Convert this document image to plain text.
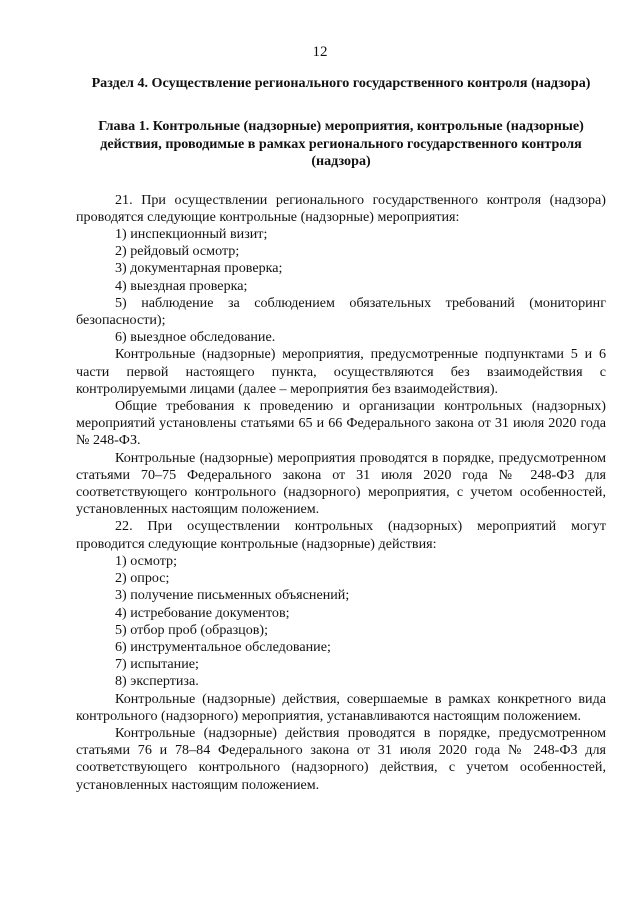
12
Раздел 4. Осуществление регионального государственного контроля (надзора)
Глава 1. Контрольные (надзорные) мероприятия, контрольные (надзорные) действия, проводимые в рамках регионального государственного контроля (надзора)

21. При осуществлении регионального государственного контроля (надзора) проводятся следующие контрольные (надзорные) мероприятия:

1) инспекционный визит;

2) рейдовый осмотр;

3) документарная проверка;

4) выездная проверка;

5) наблюдение за соблюдением обязательных требований (мониторинг безопасности);

6) выездное обследование.

Контрольные (надзорные) мероприятия, предусмотренные подпунктами 5 и 6 части первой настоящего пункта, осуществляются без взаимодействия с контролируемыми лицами (далее – мероприятия без взаимодействия).

Общие требования к проведению и организации контрольных (надзорных) мероприятий установлены статьями 65 и 66 Федерального закона от 31 июля 2020 года № 248-ФЗ.

Контрольные (надзорные) мероприятия проводятся в порядке, предусмотренном статьями 70–75 Федерального закона от 31 июля 2020 года № 248-ФЗ для соответствующего контрольного (надзорного) мероприятия, с учетом особенностей, установленных настоящим положением.

22. При осуществлении контрольных (надзорных) мероприятий могут проводится следующие контрольные (надзорные) действия:

1) осмотр;

2) опрос;

3) получение письменных объяснений;

4) истребование документов;

5) отбор проб (образцов);

6) инструментальное обследование;

7) испытание;

8) экспертиза.

Контрольные (надзорные) действия, совершаемые в рамках конкретного вида контрольного (надзорного) мероприятия, устанавливаются настоящим положением.

Контрольные (надзорные) действия проводятся в порядке, предусмотренном статьями 76 и 78–84 Федерального закона от 31 июля 2020 года № 248-ФЗ для соответствующего контрольного (надзорного) действия, с учетом особенностей, установленных настоящим положением.
